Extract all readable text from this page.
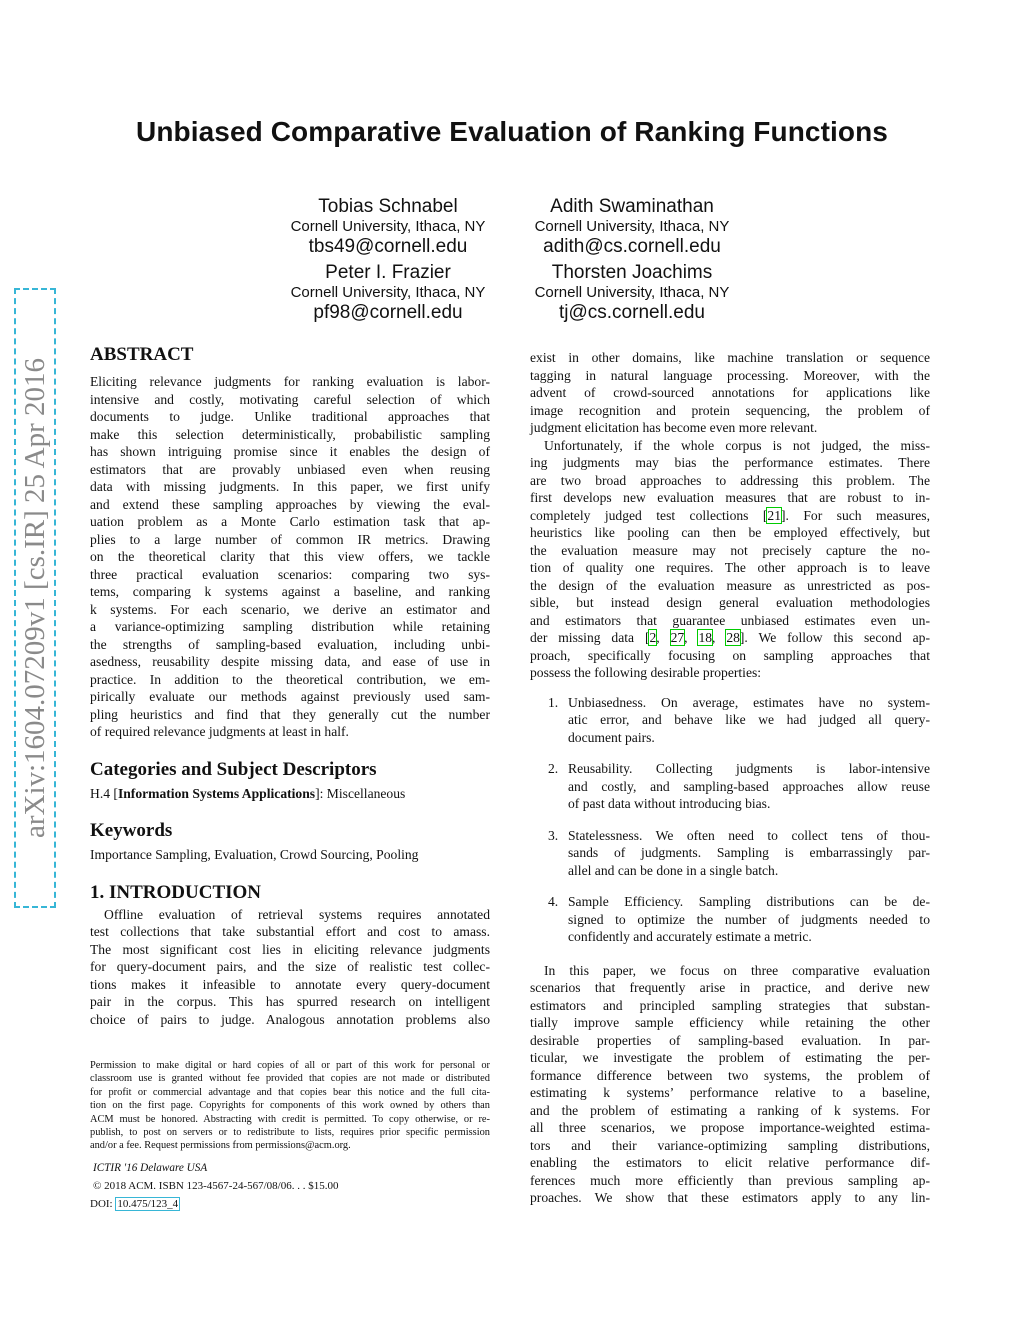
Unbiased Comparative Evaluation of Ranking Functions
Tobias Schnabel
Cornell University, Ithaca, NY
tbs49@cornell.edu
Adith Swaminathan
Cornell University, Ithaca, NY
adith@cs.cornell.edu
Peter I. Frazier
Cornell University, Ithaca, NY
pf98@cornell.edu
Thorsten Joachims
Cornell University, Ithaca, NY
tj@cs.cornell.edu
arXiv:1604.07209v1 [cs.IR] 25 Apr 2016
ABSTRACT
Eliciting relevance judgments for ranking evaluation is labor-
intensive and costly, motivating careful selection of which
documents to judge. Unlike traditional approaches that
make this selection deterministically, probabilistic sampling
has shown intriguing promise since it enables the design of
estimators that are provably unbiased even when reusing
data with missing judgments. In this paper, we first unify
and extend these sampling approaches by viewing the eval-
uation problem as a Monte Carlo estimation task that ap-
plies to a large number of common IR metrics. Drawing
on the theoretical clarity that this view offers, we tackle
three practical evaluation scenarios: comparing two sys-
tems, comparing k systems against a baseline, and ranking
k systems. For each scenario, we derive an estimator and
a variance-optimizing sampling distribution while retaining
the strengths of sampling-based evaluation, including unbi-
asedness, reusability despite missing data, and ease of use in
practice. In addition to the theoretical contribution, we em-
pirically evaluate our methods against previously used sam-
pling heuristics and find that they generally cut the number
of required relevance judgments at least in half.
Categories and Subject Descriptors
H.4 [Information Systems Applications]: Miscellaneous
Keywords
Importance Sampling, Evaluation, Crowd Sourcing, Pooling
1. INTRODUCTION
Offline evaluation of retrieval systems requires annotated
test collections that take substantial effort and cost to amass.
The most significant cost lies in eliciting relevance judgments
for query-document pairs, and the size of realistic test collec-
tions makes it infeasible to annotate every query-document
pair in the corpus. This has spurred research on intelligent
choice of pairs to judge. Analogous annotation problems also
Permission to make digital or hard copies of all or part of this work for personal or
classroom use is granted without fee provided that copies are not made or distributed
for profit or commercial advantage and that copies bear this notice and the full cita-
tion on the first page. Copyrights for components of this work owned by others than
ACM must be honored. Abstracting with credit is permitted. To copy otherwise, or re-
publish, to post on servers or to redistribute to lists, requires prior specific permission
and/or a fee. Request permissions from permissions@acm.org.
ICTIR '16 Delaware USA
© 2018 ACM. ISBN 123-4567-24-567/08/06. . . $15.00
DOI: 10.475/123_4
exist in other domains, like machine translation or sequence
tagging in natural language processing. Moreover, with the
advent of crowd-sourced annotations for applications like
image recognition and protein sequencing, the problem of
judgment elicitation has become even more relevant.
Unfortunately, if the whole corpus is not judged, the miss-
ing judgments may bias the performance estimates. There
are two broad approaches to addressing this problem. The
first develops new evaluation measures that are robust to in-
completely judged test collections [21]. For such measures,
heuristics like pooling can then be employed effectively, but
the evaluation measure may not precisely capture the no-
tion of quality one requires. The other approach is to leave
the design of the evaluation measure as unrestricted as pos-
sible, but instead design general evaluation methodologies
and estimators that guarantee unbiased estimates even un-
der missing data [2, 27, 18, 28]. We follow this second ap-
proach, specifically focusing on sampling approaches that
possess the following desirable properties:
1. Unbiasedness. On average, estimates have no system-
atic error, and behave like we had judged all query-
document pairs.
2. Reusability. Collecting judgments is labor-intensive
and costly, and sampling-based approaches allow reuse
of past data without introducing bias.
3. Statelessness. We often need to collect tens of thou-
sands of judgments. Sampling is embarrassingly par-
allel and can be done in a single batch.
4. Sample Efficiency. Sampling distributions can be de-
signed to optimize the number of judgments needed to
confidently and accurately estimate a metric.
In this paper, we focus on three comparative evaluation
scenarios that frequently arise in practice, and derive new
estimators and principled sampling strategies that substan-
tially improve sample efficiency while retaining the other
desirable properties of sampling-based evaluation. In par-
ticular, we investigate the problem of estimating the per-
formance difference between two systems, the problem of
estimating k systems’ performance relative to a baseline,
and the problem of estimating a ranking of k systems. For
all three scenarios, we propose importance-weighted estima-
tors and their variance-optimizing sampling distributions,
enabling the estimators to elicit relative performance dif-
ferences much more efficiently than previous sampling ap-
proaches. We show that these estimators apply to any lin-
